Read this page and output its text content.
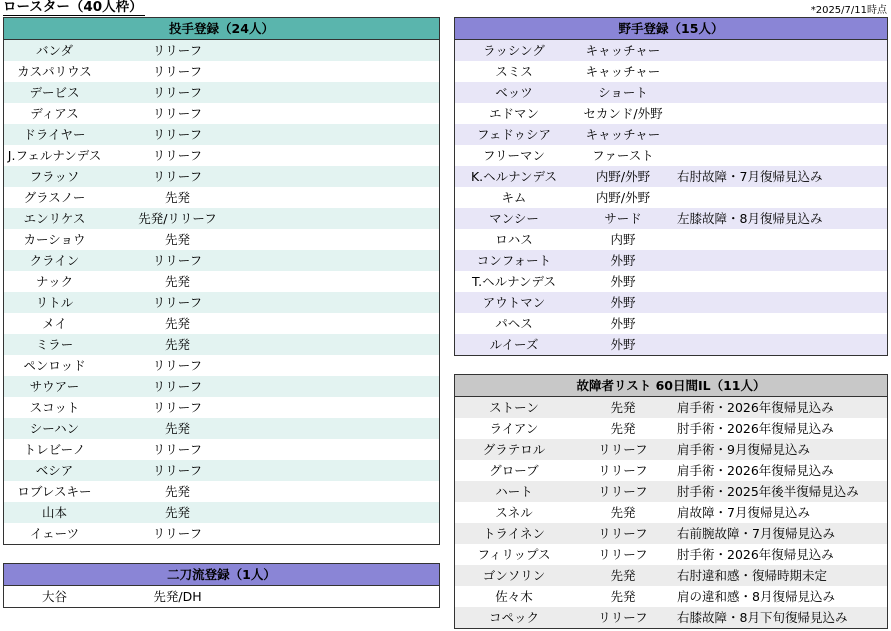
ロースター（40人枠）	*2025/7/11時点
投手登録（24人）
バンダ	リリーフ
カスパリウス	リリーフ
デービス	リリーフ
ディアス	リリーフ
ドライヤー	リリーフ
J.フェルナンデス	リリーフ
フラッソ	リリーフ
グラスノー	先発
エンリケス	先発/リリーフ
カーショウ	先発
クライン	リリーフ
ナック	先発
リトル	リリーフ
メイ	先発
ミラー	先発
ペンロッド	リリーフ
サウアー	リリーフ
スコット	リリーフ
シーハン	先発
トレビーノ	リリーフ
ベシア	リリーフ
ロブレスキー	先発
山本	先発
イェーツ	リリーフ
二刀流登録（1人）
大谷	先発/DH
野手登録（15人）
ラッシング	キャッチャー
スミス	キャッチャー
ベッツ	ショート
エドマン	セカンド/外野
フェドゥシア	キャッチャー
フリーマン	ファースト
K.ヘルナンデス	内野/外野	右肘故障・7月復帰見込み
キム	内野/外野
マンシー	サード	左膝故障・8月復帰見込み
ロハス	内野
コンフォート	外野
T.ヘルナンデス	外野
アウトマン	外野
パヘス	外野
ルイーズ	外野
故障者リスト 60日間IL（11人）
ストーン	先発	肩手術・2026年復帰見込み
ライアン	先発	肘手術・2026年復帰見込み
グラテロル	リリーフ	肩手術・9月復帰見込み
グローブ	リリーフ	肩手術・2026年復帰見込み
ハート	リリーフ	肘手術・2025年後半復帰見込み
スネル	先発	肩故障・7月復帰見込み
トライネン	リリーフ	右前腕故障・7月復帰見込み
フィリップス	リリーフ	肘手術・2026年復帰見込み
ゴンソリン	先発	右肘違和感・復帰時期未定
佐々木	先発	肩の違和感・8月復帰見込み
コペック	リリーフ	右膝故障・8月下旬復帰見込み
